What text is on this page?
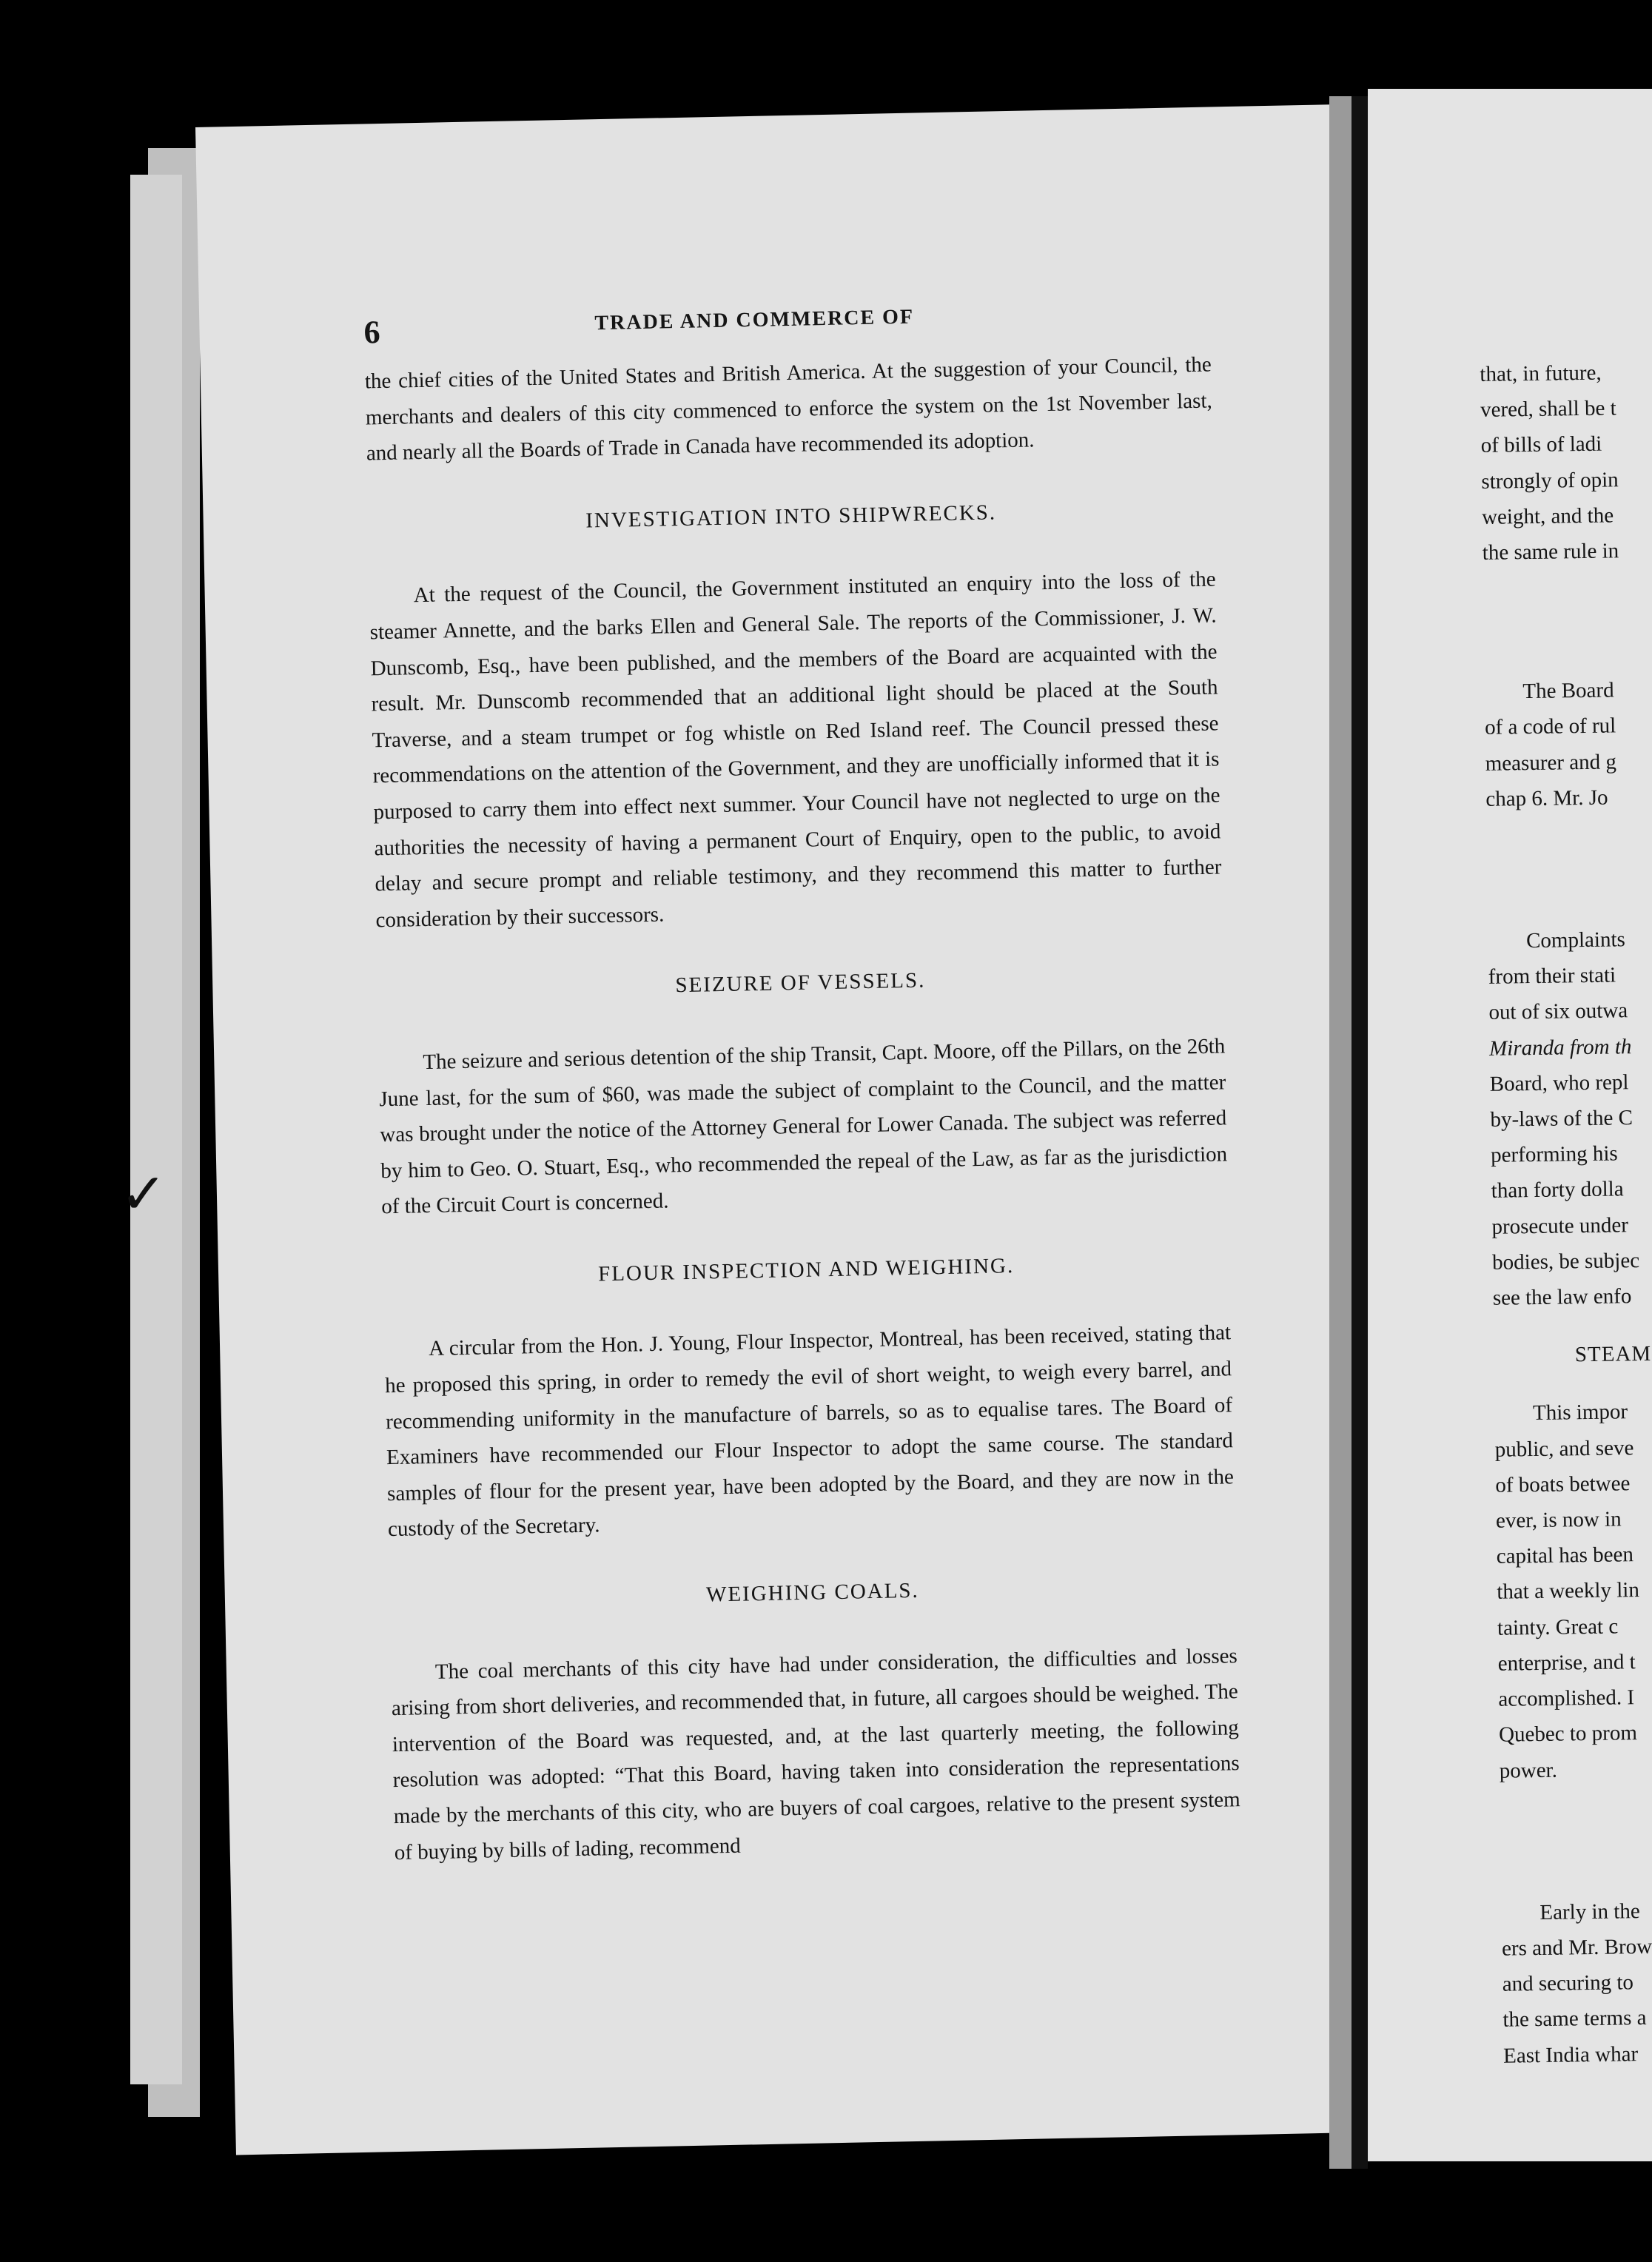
6	TRADE AND COMMERCE OF

the chief cities of the United States and British America. At the suggestion of your Council, the merchants and dealers of this city commenced to enforce the system on the 1st November last, and nearly all the Boards of Trade in Canada have recommended its adoption.

INVESTIGATION INTO SHIPWRECKS.

At the request of the Council, the Government instituted an enquiry into the loss of the steamer Annette, and the barks Ellen and General Sale. The reports of the Commissioner, J. W. Dunscomb, Esq., have been published, and the members of the Board are acquainted with the result. Mr. Dunscomb recommended that an additional light should be placed at the South Traverse, and a steam trumpet or fog whistle on Red Island reef. The Council pressed these recommendations on the attention of the Government, and they are unofficially informed that it is purposed to carry them into effect next summer. Your Council have not neglected to urge on the authorities the necessity of having a permanent Court of Enquiry, open to the public, to avoid delay and secure prompt and reliable testimony, and they recommend this matter to further consideration by their successors.

SEIZURE OF VESSELS.

The seizure and serious detention of the ship Transit, Capt. Moore, off the Pillars, on the 26th June last, for the sum of $60, was made the subject of complaint to the Council, and the matter was brought under the notice of the Attorney General for Lower Canada. The subject was referred by him to Geo. O. Stuart, Esq., who recommended the repeal of the Law, as far as the jurisdiction of the Circuit Court is concerned.

FLOUR INSPECTION AND WEIGHING.

A circular from the Hon. J. Young, Flour Inspector, Montreal, has been received, stating that he proposed this spring, in order to remedy the evil of short weight, to weigh every barrel, and recommending uniformity in the manufacture of barrels, so as to equalise tares. The Board of Examiners have recommended our Flour Inspector to adopt the same course. The standard samples of flour for the present year, have been adopted by the Board, and they are now in the custody of the Secretary.

WEIGHING COALS.

The coal merchants of this city have had under consideration, the difficulties and losses arising from short deliveries, and recommended that, in future, all cargoes should be weighed. The intervention of the Board was requested, and, at the last quarterly meeting, the following resolution was adopted: “That this Board, having taken into consideration the representations made by the merchants of this city, who are buyers of coal cargoes, relative to the present system of buying by bills of lading, recommend

that, in future,
vered, shall be t
of bills of ladi
strongly of opin
weight, and the
the same rule in
The Board
of a code of rul
measurer and g
chap 6. Mr. Jo
Complaints
from their stati
out of six outwa
Miranda from th
Board, who repl
by-laws of the C
performing his
than forty dolla
prosecute under
bodies, be subjec
see the law enfo
STEAM
This impor
public, and seve
of boats betwee
ever, is now in
capital has been
that a weekly lin
tainty. Great c
enterprise, and t
accomplished. I
Quebec to prom
power.
Early in the
ers and Mr. Brow
and securing to
the same terms a
East India whar
✓
